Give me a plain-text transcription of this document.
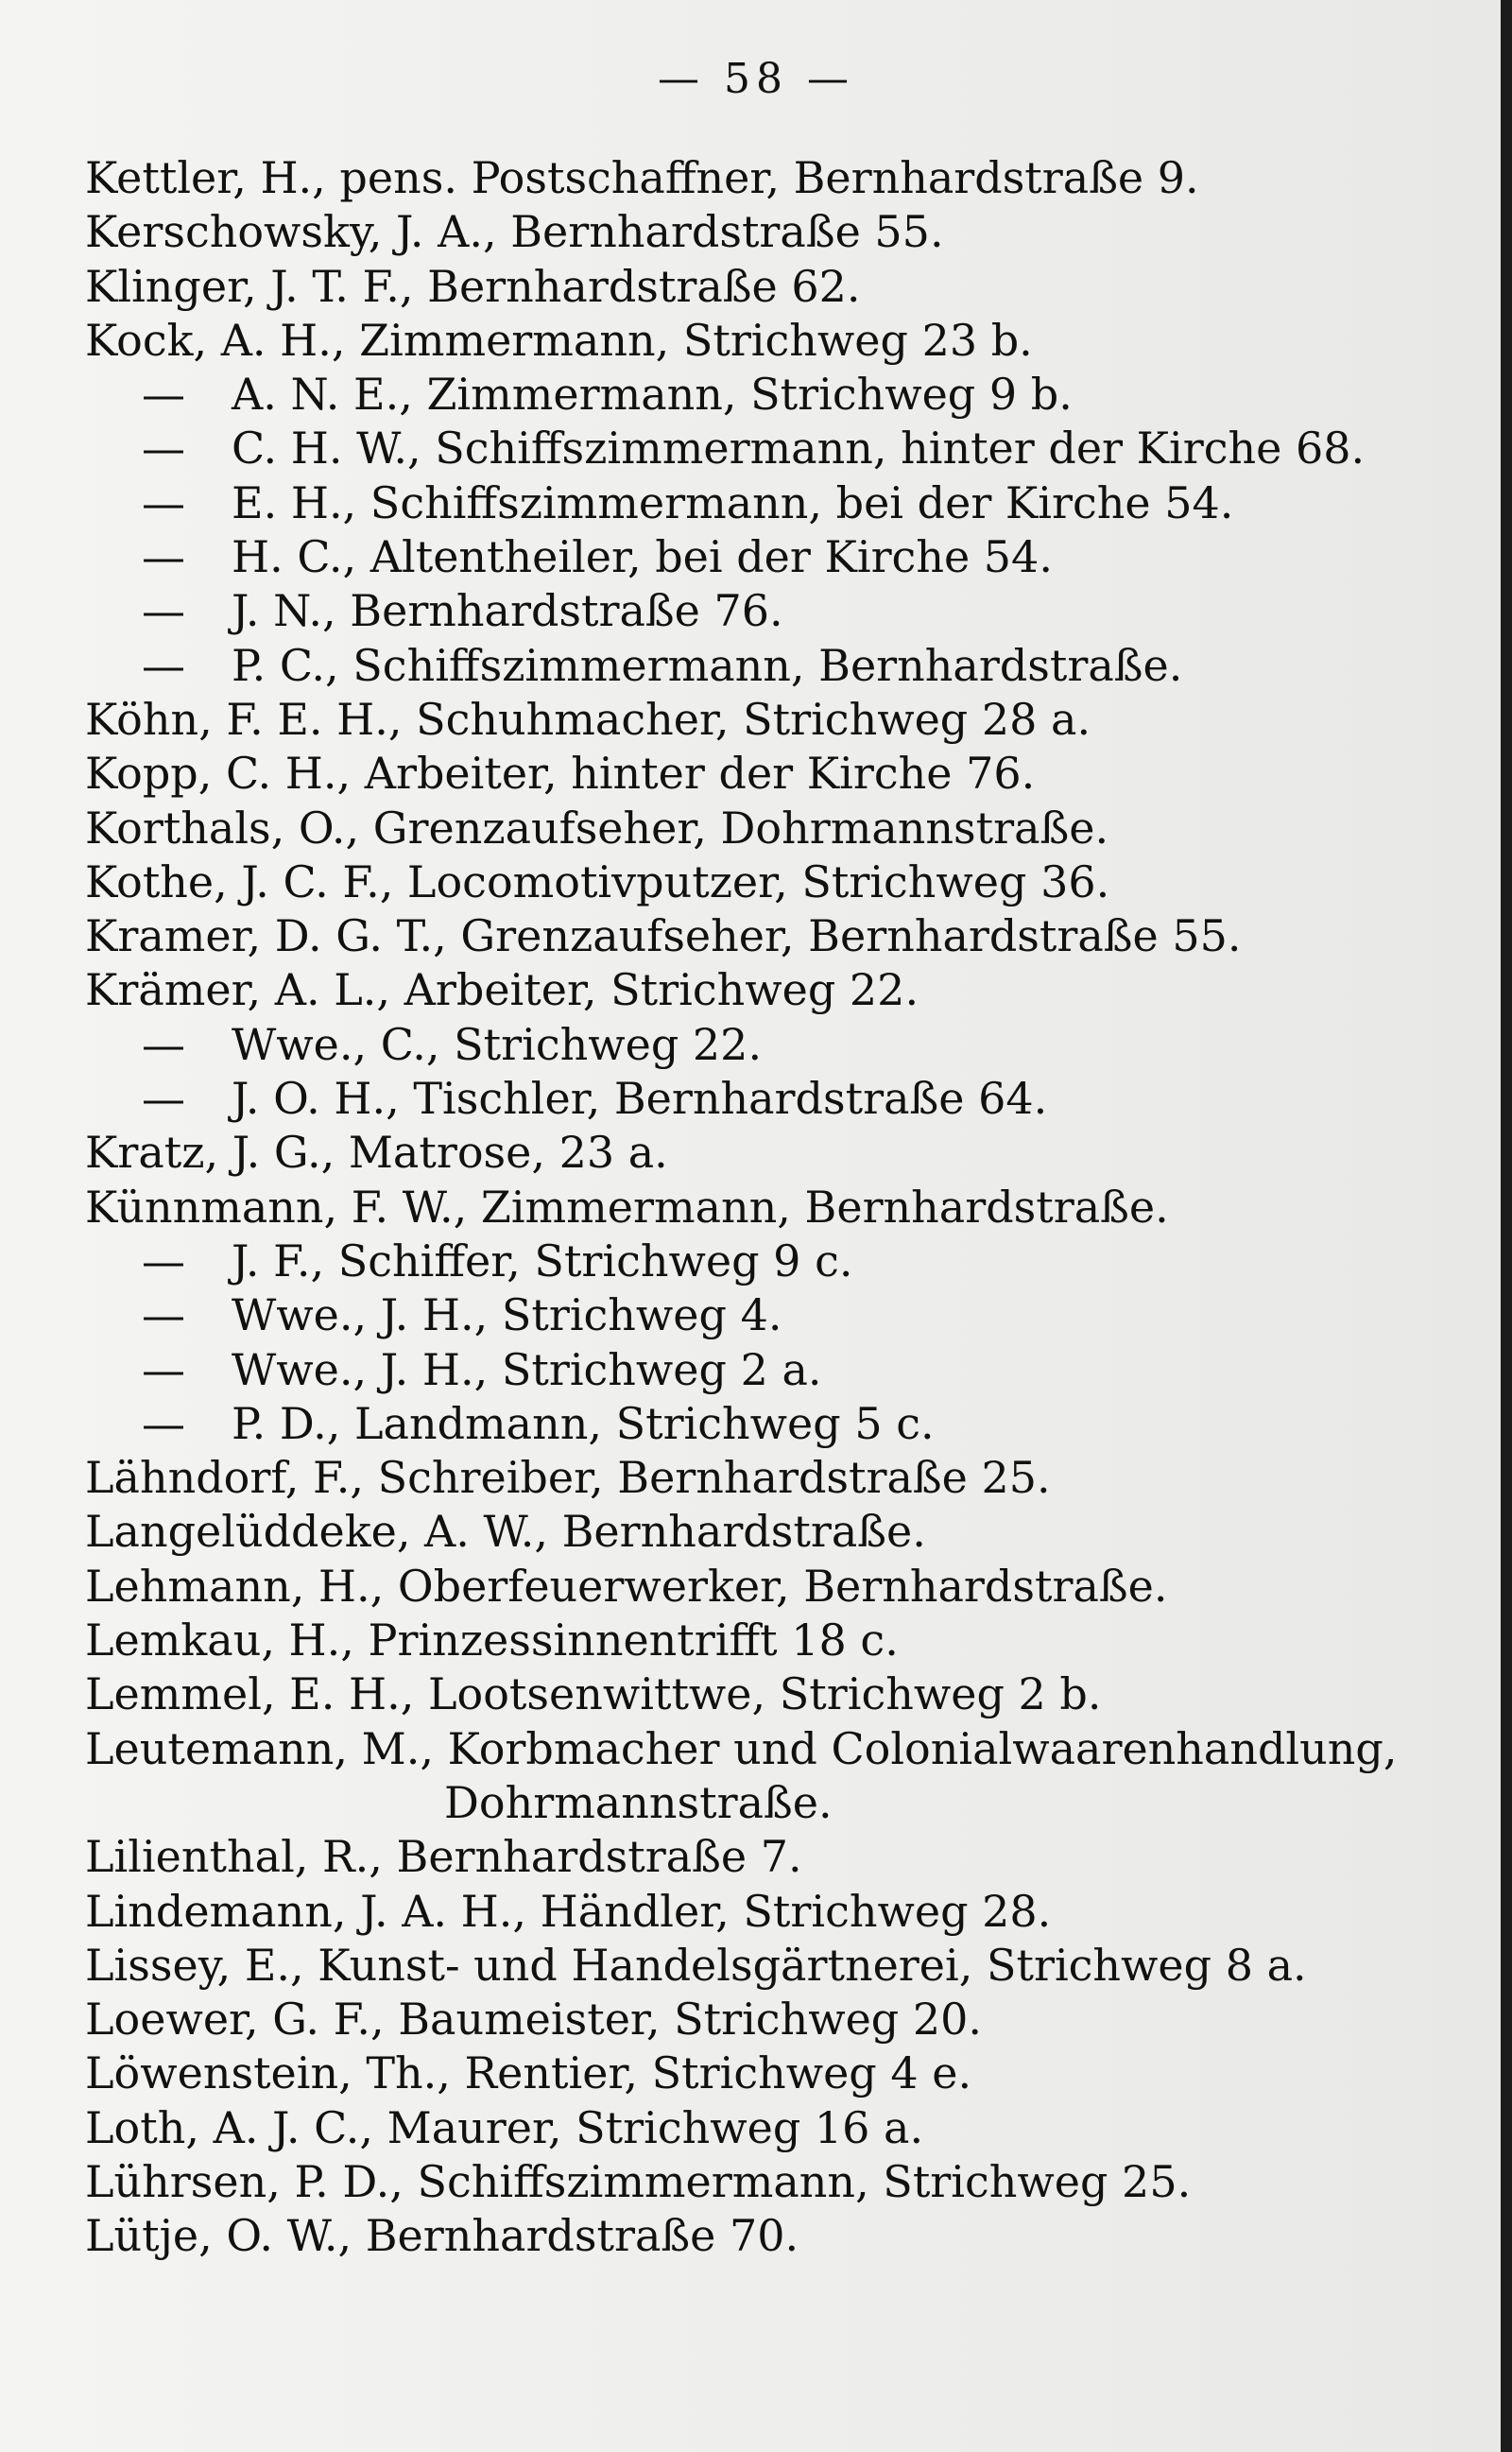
— 58 —
Kettler, H., pens. Postschaffner, Bernhardstraße 9.
Kerschowsky, J. A., Bernhardstraße 55.
Klinger, J. T. F., Bernhardstraße 62.
Kock, A. H., Zimmermann, Strichweg 23 b.
— A. N. E., Zimmermann, Strichweg 9 b.
— C. H. W., Schiffszimmermann, hinter der Kirche 68.
— E. H., Schiffszimmermann, bei der Kirche 54.
— H. C., Altentheiler, bei der Kirche 54.
— J. N., Bernhardstraße 76.
— P. C., Schiffszimmermann, Bernhardstraße.
Köhn, F. E. H., Schuhmacher, Strichweg 28 a.
Kopp, C. H., Arbeiter, hinter der Kirche 76.
Korthals, O., Grenzaufseher, Dohrmannstraße.
Kothe, J. C. F., Locomotivputzer, Strichweg 36.
Kramer, D. G. T., Grenzaufseher, Bernhardstraße 55.
Krämer, A. L., Arbeiter, Strichweg 22.
— Wwe., C., Strichweg 22.
— J. O. H., Tischler, Bernhardstraße 64.
Kratz, J. G., Matrose, 23 a.
Künnmann, F. W., Zimmermann, Bernhardstraße.
— J. F., Schiffer, Strichweg 9 c.
— Wwe., J. H., Strichweg 4.
— Wwe., J. H., Strichweg 2 a.
— P. D., Landmann, Strichweg 5 c.
Lähndorf, F., Schreiber, Bernhardstraße 25.
Langelüddeke, A. W., Bernhardstraße.
Lehmann, H., Oberfeuerwerker, Bernhardstraße.
Lemkau, H., Prinzessinnentrifft 18 c.
Lemmel, E. H., Lootsenwittwe, Strichweg 2 b.
Leutemann, M., Korbmacher und Colonialwaarenhandlung,
Dohrmannstraße.
Lilienthal, R., Bernhardstraße 7.
Lindemann, J. A. H., Händler, Strichweg 28.
Lissey, E., Kunst- und Handelsgärtnerei, Strichweg 8 a.
Loewer, G. F., Baumeister, Strichweg 20.
Löwenstein, Th., Rentier, Strichweg 4 e.
Loth, A. J. C., Maurer, Strichweg 16 a.
Lührsen, P. D., Schiffszimmermann, Strichweg 25.
Lütje, O. W., Bernhardstraße 70.
